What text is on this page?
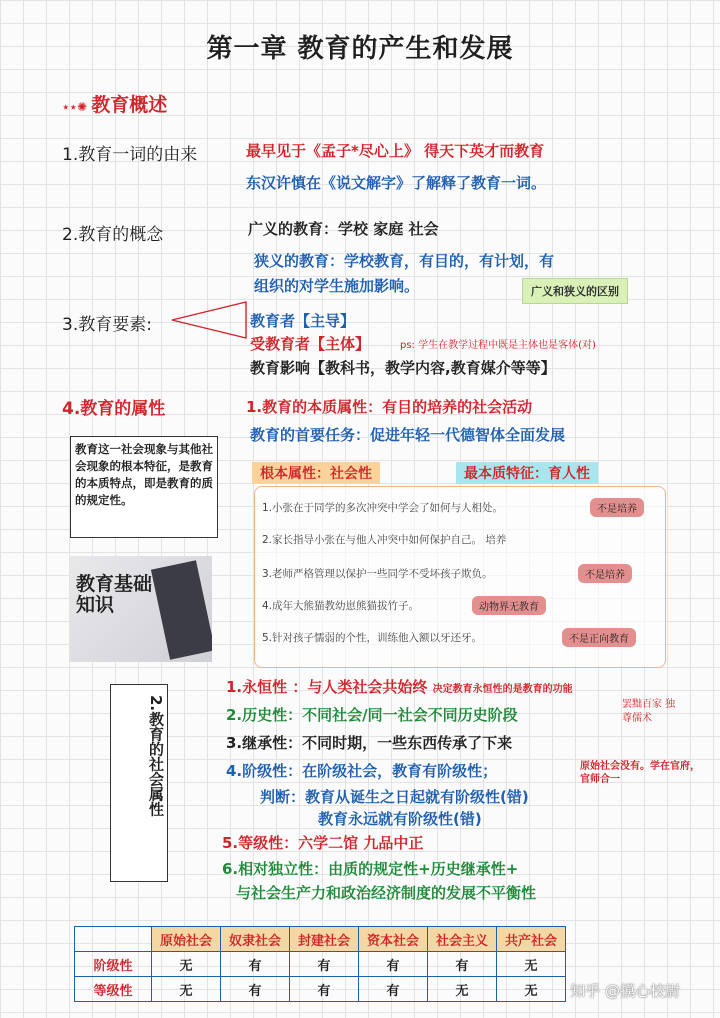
第一章 教育的产生和发展
⋆⋆✺ 教育概述
1.教育一词的由来	最早见于《孟子*尽心上》 得天下英才而教育
东汉许慎在《说文解字》了解释了教育一词。
2.教育的概念	广义的教育：学校 家庭 社会
狭义的教育：学校教育，有目的，有计划，有
组织的对学生施加影响。	广义和狭义的区别
3.教育要素:	教育者【主导】
受教育者【主体】	ps: 学生在教学过程中既是主体也是客体(对)
教育影响【教科书，教学内容,教育媒介等等】
4.教育的属性	1.教育的本质属性：有目的培养的社会活动
教育的首要任务：促进年轻一代德智体全面发展
教育这一社会现象与其他社会现象的根本特征，是教育的本质特点，即是教育的质的规定性。
根本属性：社会性	最本质特征：育人性
1.小张在于同学的多次冲突中学会了如何与人相处。	不是培养
2.家长指导小张在与他人冲突中如何保护自己。 培养
3.老师严格管理以保护一些同学不受坏孩子欺负。	不是培养
4.成年大熊猫教幼崽熊猫拔竹子。	动物界无教育
5.针对孩子懦弱的个性，训练他入额以牙还牙。	不是正向教育
教育基础知识
2.教育的社会属性
1.永恒性 ：与人类社会共始终 决定教育永恒性的是教育的功能
2.历史性：不同社会/同一社会不同历史阶段
罢黜百家 独尊儒术
3.继承性：不同时期，一些东西传承了下来
4.阶级性：在阶级社会，教育有阶级性；	原始社会没有。学在官府，官师合一
判断：教育从诞生之日起就有阶级性(错)
教育永远就有阶级性(错)
5.等级性：六学二馆 九品中正
6.相对独立性：由质的规定性+历史继承性+
与社会生产力和政治经济制度的发展不平衡性
	原始社会	奴隶社会	封建社会	资本社会	社会主义	共产社会
阶级性	无	有	有	有	有	无
等级性	无	有	有	有	无	无 知乎 @摸心校尉
